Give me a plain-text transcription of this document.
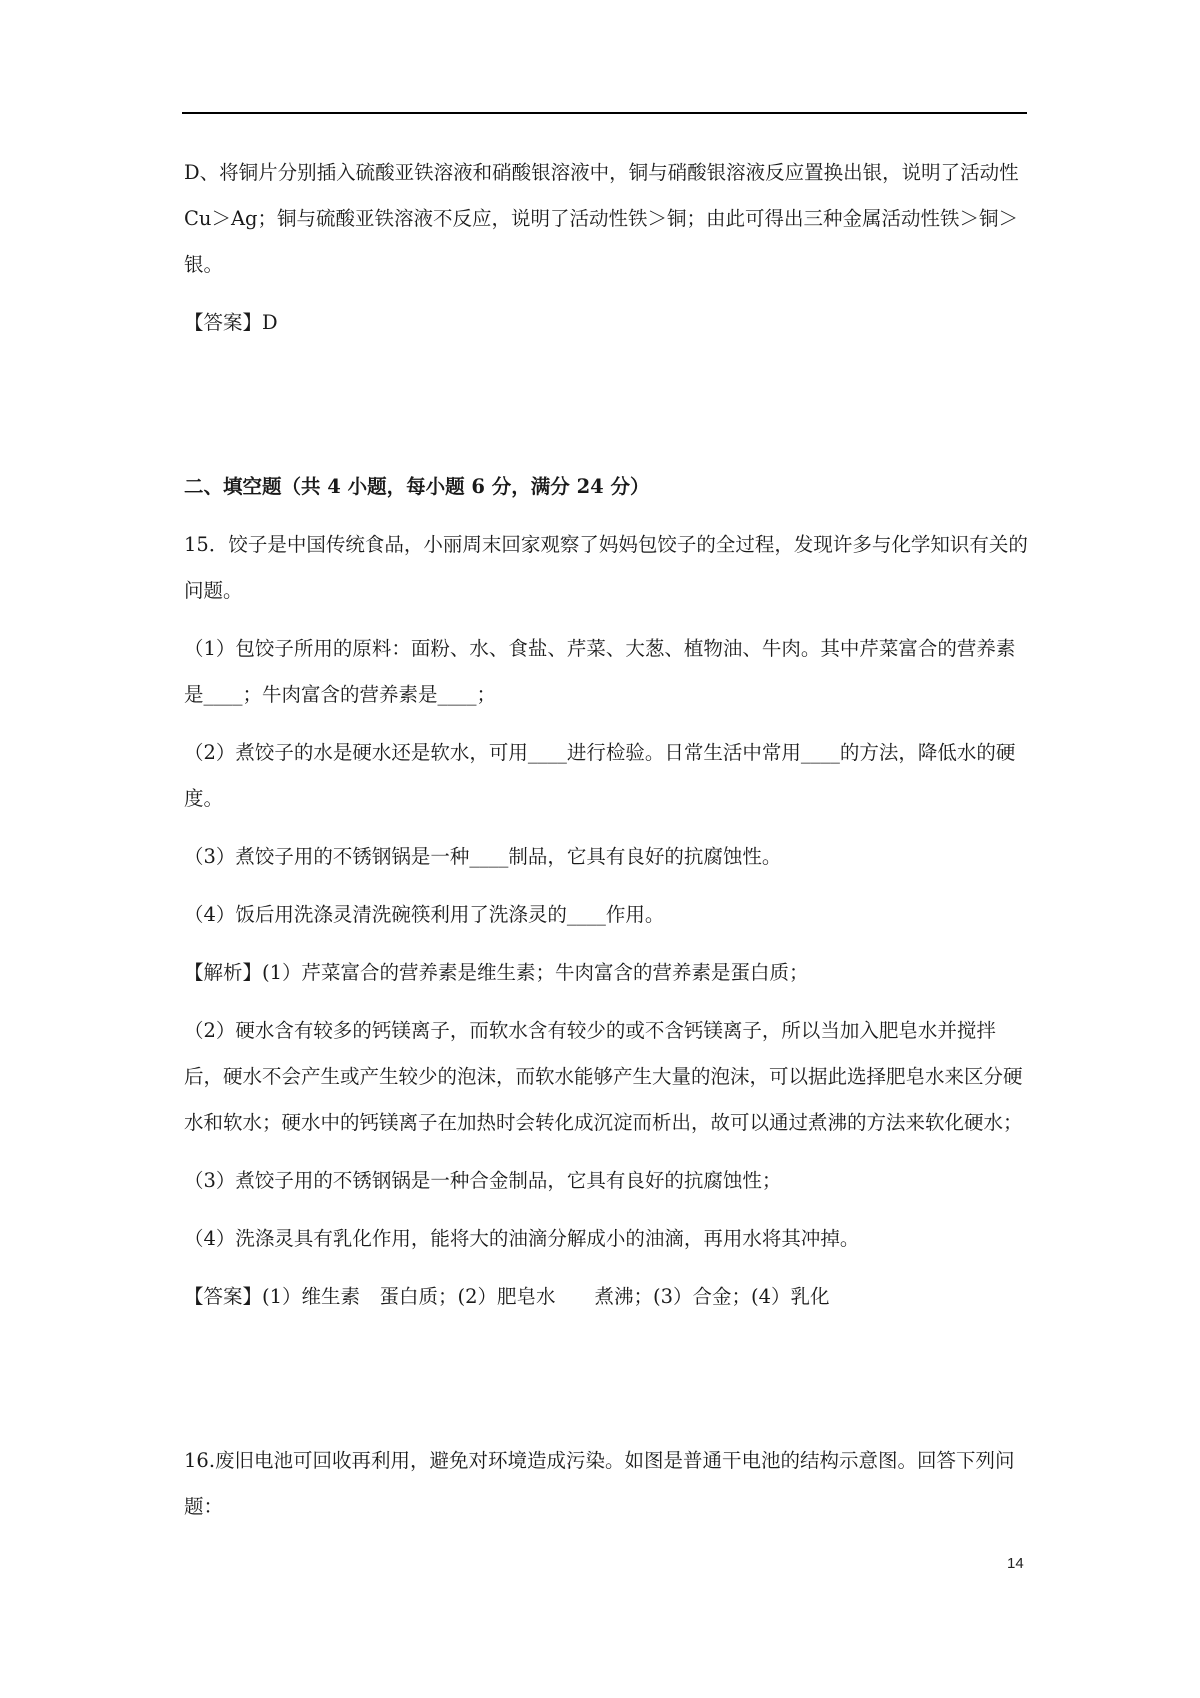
D、将铜片分别插入硫酸亚铁溶液和硝酸银溶液中，铜与硝酸银溶液反应置换出银，说明了活动性 Cu＞Ag；铜与硫酸亚铁溶液不反应，说明了活动性铁＞铜；由此可得出三种金属活动性铁＞铜＞银。

【答案】D

二、填空题（共 4 小题，每小题 6 分，满分 24 分）

15．饺子是中国传统食品，小丽周末回家观察了妈妈包饺子的全过程，发现许多与化学知识有关的问题。

（1）包饺子所用的原料：面粉、水、食盐、芹菜、大葱、植物油、牛肉。其中芹菜富合的营养素是____；牛肉富含的营养素是____；

（2）煮饺子的水是硬水还是软水，可用____进行检验。日常生活中常用____的方法，降低水的硬度。

（3）煮饺子用的不锈钢锅是一种____制品，它具有良好的抗腐蚀性。

（4）饭后用洗涤灵清洗碗筷利用了洗涤灵的____作用。

【解析】(1）芹菜富合的营养素是维生素；牛肉富含的营养素是蛋白质；

（2）硬水含有较多的钙镁离子，而软水含有较少的或不含钙镁离子，所以当加入肥皂水并搅拌后，硬水不会产生或产生较少的泡沫，而软水能够产生大量的泡沫，可以据此选择肥皂水来区分硬水和软水；硬水中的钙镁离子在加热时会转化成沉淀而析出，故可以通过煮沸的方法来软化硬水；

（3）煮饺子用的不锈钢锅是一种合金制品，它具有良好的抗腐蚀性；

（4）洗涤灵具有乳化作用，能将大的油滴分解成小的油滴，再用水将其冲掉。

【答案】(1）维生素　蛋白质；(2）肥皂水　　煮沸；(3）合金；(4）乳化

16.废旧电池可回收再利用，避免对环境造成污染。如图是普通干电池的结构示意图。回答下列问题：

14
